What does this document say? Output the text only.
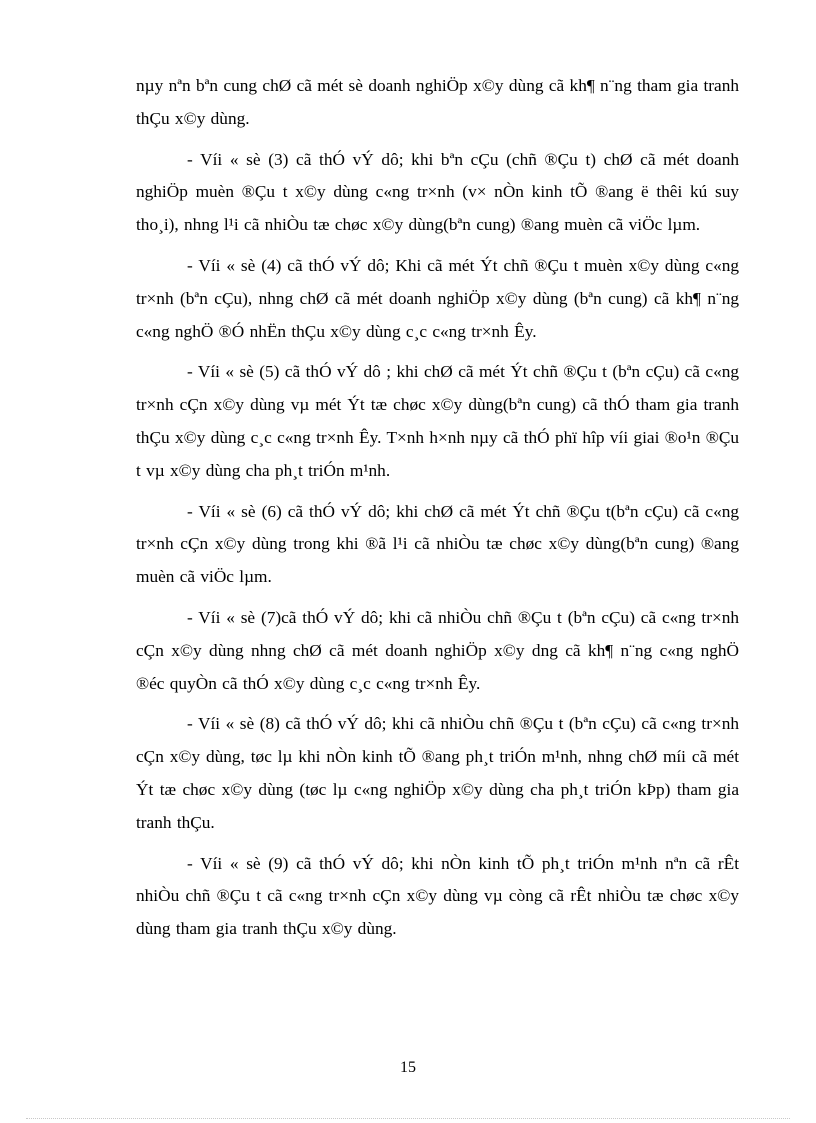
nµy nªn bªn cung chØ cã mét sè doanh nghiÖp x©y dùng cã kh¶ n¨ng tham gia tranh thÇu x©y dùng.

- Víi « sè (3) cã thÓ vÝ dô; khi bªn cÇu (chñ ®Çu t) chØ cã mét doanh nghiÖp muèn ®Çu t x©y dùng c«ng tr×nh (v× nÒn kinh tÕ ®ang ë thêi kú suy tho¸i), nhng l¹i cã nhiÒu tæ chøc x©y dùng(bªn cung) ®ang muèn cã viÖc lµm.

- Víi « sè (4) cã thÓ vÝ dô; Khi cã mét Ýt chñ ®Çu t muèn x©y dùng c«ng tr×nh (bªn cÇu), nhng chØ cã mét doanh nghiÖp x©y dùng (bªn cung) cã kh¶ n¨ng c«ng nghÖ ®Ó nhËn thÇu x©y dùng c¸c c«ng tr×nh Êy.

- Víi « sè (5) cã thÓ vÝ dô ; khi chØ cã mét Ýt chñ ®Çu t (bªn cÇu) cã c«ng tr×nh cÇn x©y dùng vµ mét Ýt tæ chøc x©y dùng(bªn cung) cã thÓ tham gia tranh thÇu x©y dùng c¸c c«ng tr×nh Êy. T×nh h×nh nµy cã thÓ phï hîp víi giai ®o¹n ®Çu t vµ x©y dùng cha ph¸t triÓn m¹nh.

- Víi « sè (6) cã thÓ vÝ dô; khi chØ cã mét Ýt chñ ®Çu t(bªn cÇu) cã c«ng tr×nh cÇn x©y dùng trong khi ®ã l¹i cã nhiÒu tæ chøc x©y dùng(bªn cung) ®ang muèn cã viÖc lµm.

- Víi « sè (7)cã thÓ vÝ dô; khi cã nhiÒu chñ ®Çu t (bªn cÇu) cã c«ng tr×nh cÇn x©y dùng nhng chØ cã mét doanh nghiÖp x©y dng cã kh¶ n¨ng c«ng nghÖ ®éc quyÒn cã thÓ x©y dùng c¸c c«ng tr×nh Êy.

- Víi « sè (8) cã thÓ vÝ dô; khi cã nhiÒu chñ ®Çu t (bªn cÇu) cã c«ng tr×nh cÇn x©y dùng, tøc lµ khi nÒn kinh tÕ ®ang ph¸t triÓn m¹nh, nhng chØ míi cã mét Ýt tæ chøc x©y dùng (tøc lµ c«ng nghiÖp x©y dùng cha ph¸t triÓn kÞp) tham gia tranh thÇu.

- Víi « sè (9) cã thÓ vÝ dô; khi nÒn kinh tÕ ph¸t triÓn m¹nh nªn cã rÊt nhiÒu chñ ®Çu t cã c«ng tr×nh cÇn x©y dùng vµ còng cã rÊt nhiÒu tæ chøc x©y dùng tham gia tranh thÇu x©y dùng.

15
